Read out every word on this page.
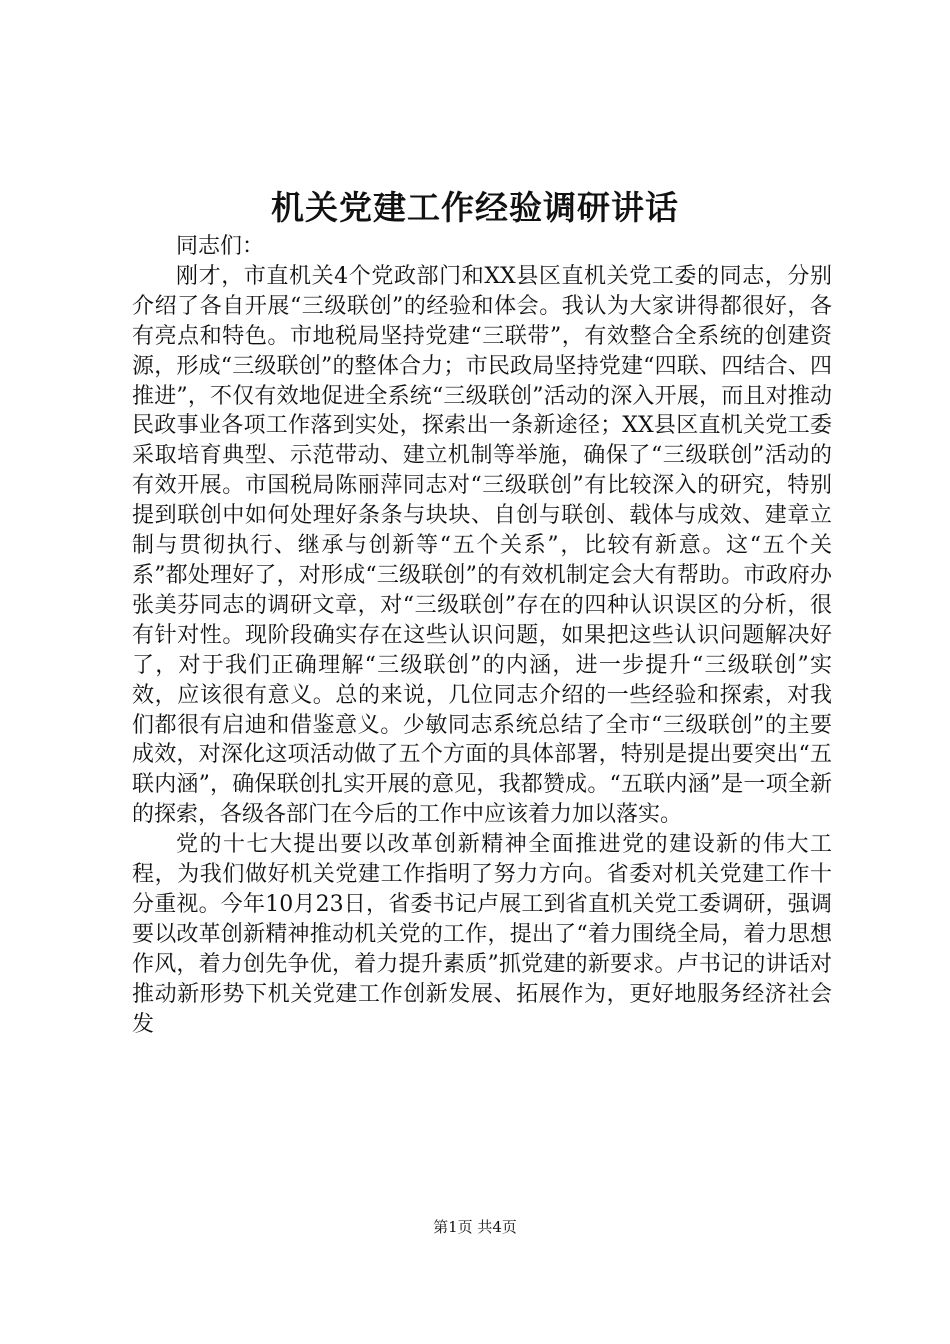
机关党建工作经验调研讲话

同志们：

刚才，市直机关4个党政部门和XX县区直机关党工委的同志，分别介绍了各自开展“三级联创”的经验和体会。我认为大家讲得都很好，各有亮点和特色。市地税局坚持党建“三联带”，有效整合全系统的创建资源，形成“三级联创”的整体合力；市民政局坚持党建“四联、四结合、四推进”，不仅有效地促进全系统“三级联创”活动的深入开展，而且对推动民政事业各项工作落到实处，探索出一条新途径；XX县区直机关党工委采取培育典型、示范带动、建立机制等举施，确保了“三级联创”活动的有效开展。市国税局陈丽萍同志对“三级联创”有比较深入的研究，特别提到联创中如何处理好条条与块块、自创与联创、载体与成效、建章立制与贯彻执行、继承与创新等“五个关系”，比较有新意。这“五个关系”都处理好了，对形成“三级联创”的有效机制定会大有帮助。市政府办张美芬同志的调研文章，对“三级联创”存在的四种认识误区的分析，很有针对性。现阶段确实存在这些认识问题，如果把这些认识问题解决好了，对于我们正确理解“三级联创”的内涵，进一步提升“三级联创”实效，应该很有意义。总的来说，几位同志介绍的一些经验和探索，对我们都很有启迪和借鉴意义。少敏同志系统总结了全市“三级联创”的主要成效，对深化这项活动做了五个方面的具体部署，特别是提出要突出“五联内涵”，确保联创扎实开展的意见，我都赞成。“五联内涵”是一项全新的探索，各级各部门在今后的工作中应该着力加以落实。

党的十七大提出要以改革创新精神全面推进党的建设新的伟大工程，为我们做好机关党建工作指明了努力方向。省委对机关党建工作十分重视。今年10月23日，省委书记卢展工到省直机关党工委调研，强调要以改革创新精神推动机关党的工作，提出了“着力围绕全局，着力思想作风，着力创先争优，着力提升素质”抓党建的新要求。卢书记的讲话对推动新形势下机关党建工作创新发展、拓展作为，更好地服务经济社会发

第1页 共4页
